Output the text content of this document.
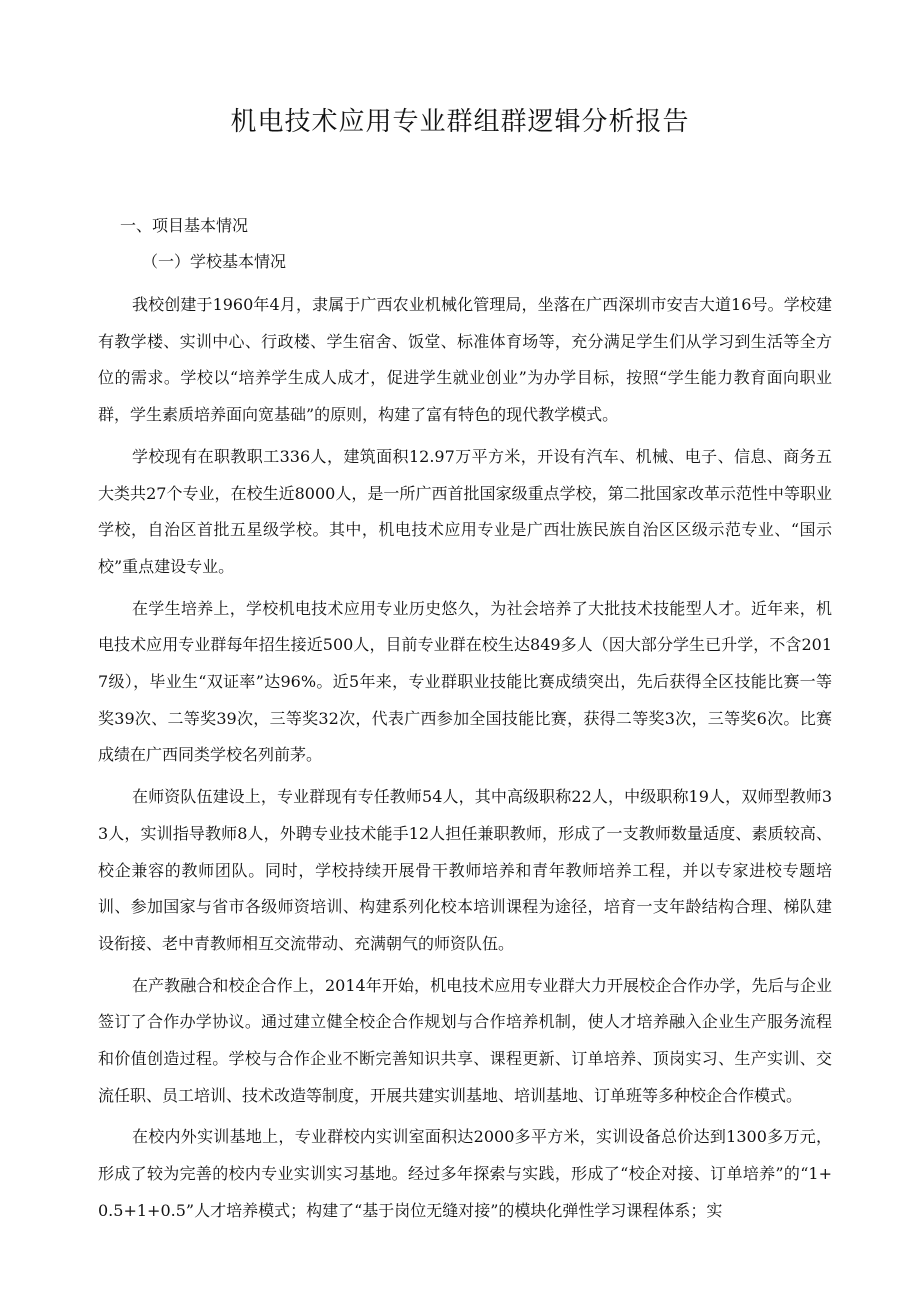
机电技术应用专业群组群逻辑分析报告
一、项目基本情况
（一）学校基本情况

我校创建于1960年4月，隶属于广西农业机械化管理局，坐落在广西深圳市安吉大道16号。学校建有教学楼、实训中心、行政楼、学生宿舍、饭堂、标准体育场等，充分满足学生们从学习到生活等全方位的需求。学校以“培养学生成人成才，促进学生就业创业”为办学目标，按照“学生能力教育面向职业群，学生素质培养面向宽基础”的原则，构建了富有特色的现代教学模式。

学校现有在职教职工336人，建筑面积12.97万平方米，开设有汽车、机械、电子、信息、商务五大类共27个专业，在校生近8000人，是一所广西首批国家级重点学校，第二批国家改革示范性中等职业学校，自治区首批五星级学校。其中，机电技术应用专业是广西壮族民族自治区区级示范专业、“国示校”重点建设专业。

在学生培养上，学校机电技术应用专业历史悠久，为社会培养了大批技术技能型人才。近年来，机电技术应用专业群每年招生接近500人，目前专业群在校生达849多人（因大部分学生已升学，不含2017级），毕业生“双证率”达96%。近5年来，专业群职业技能比赛成绩突出，先后获得全区技能比赛一等奖39次、二等奖39次，三等奖32次，代表广西参加全国技能比赛，获得二等奖3次，三等奖6次。比赛成绩在广西同类学校名列前茅。

在师资队伍建设上，专业群现有专任教师54人，其中高级职称22人，中级职称19人，双师型教师33人，实训指导教师8人，外聘专业技术能手12人担任兼职教师，形成了一支教师数量适度、素质较高、校企兼容的教师团队。同时，学校持续开展骨干教师培养和青年教师培养工程，并以专家进校专题培训、参加国家与省市各级师资培训、构建系列化校本培训课程为途径，培育一支年龄结构合理、梯队建设衔接、老中青教师相互交流带动、充满朝气的师资队伍。

在产教融合和校企合作上，2014年开始，机电技术应用专业群大力开展校企合作办学，先后与企业签订了合作办学协议。通过建立健全校企合作规划与合作培养机制，使人才培养融入企业生产服务流程和价值创造过程。学校与合作企业不断完善知识共享、课程更新、订单培养、顶岗实习、生产实训、交流任职、员工培训、技术改造等制度，开展共建实训基地、培训基地、订单班等多种校企合作模式。

在校内外实训基地上，专业群校内实训室面积达2000多平方米，实训设备总价达到1300多万元，形成了较为完善的校内专业实训实习基地。经过多年探索与实践，形成了“校企对接、订单培养”的“1+0.5+1+0.5”人才培养模式；构建了“基于岗位无缝对接”的模块化弹性学习课程体系；实
